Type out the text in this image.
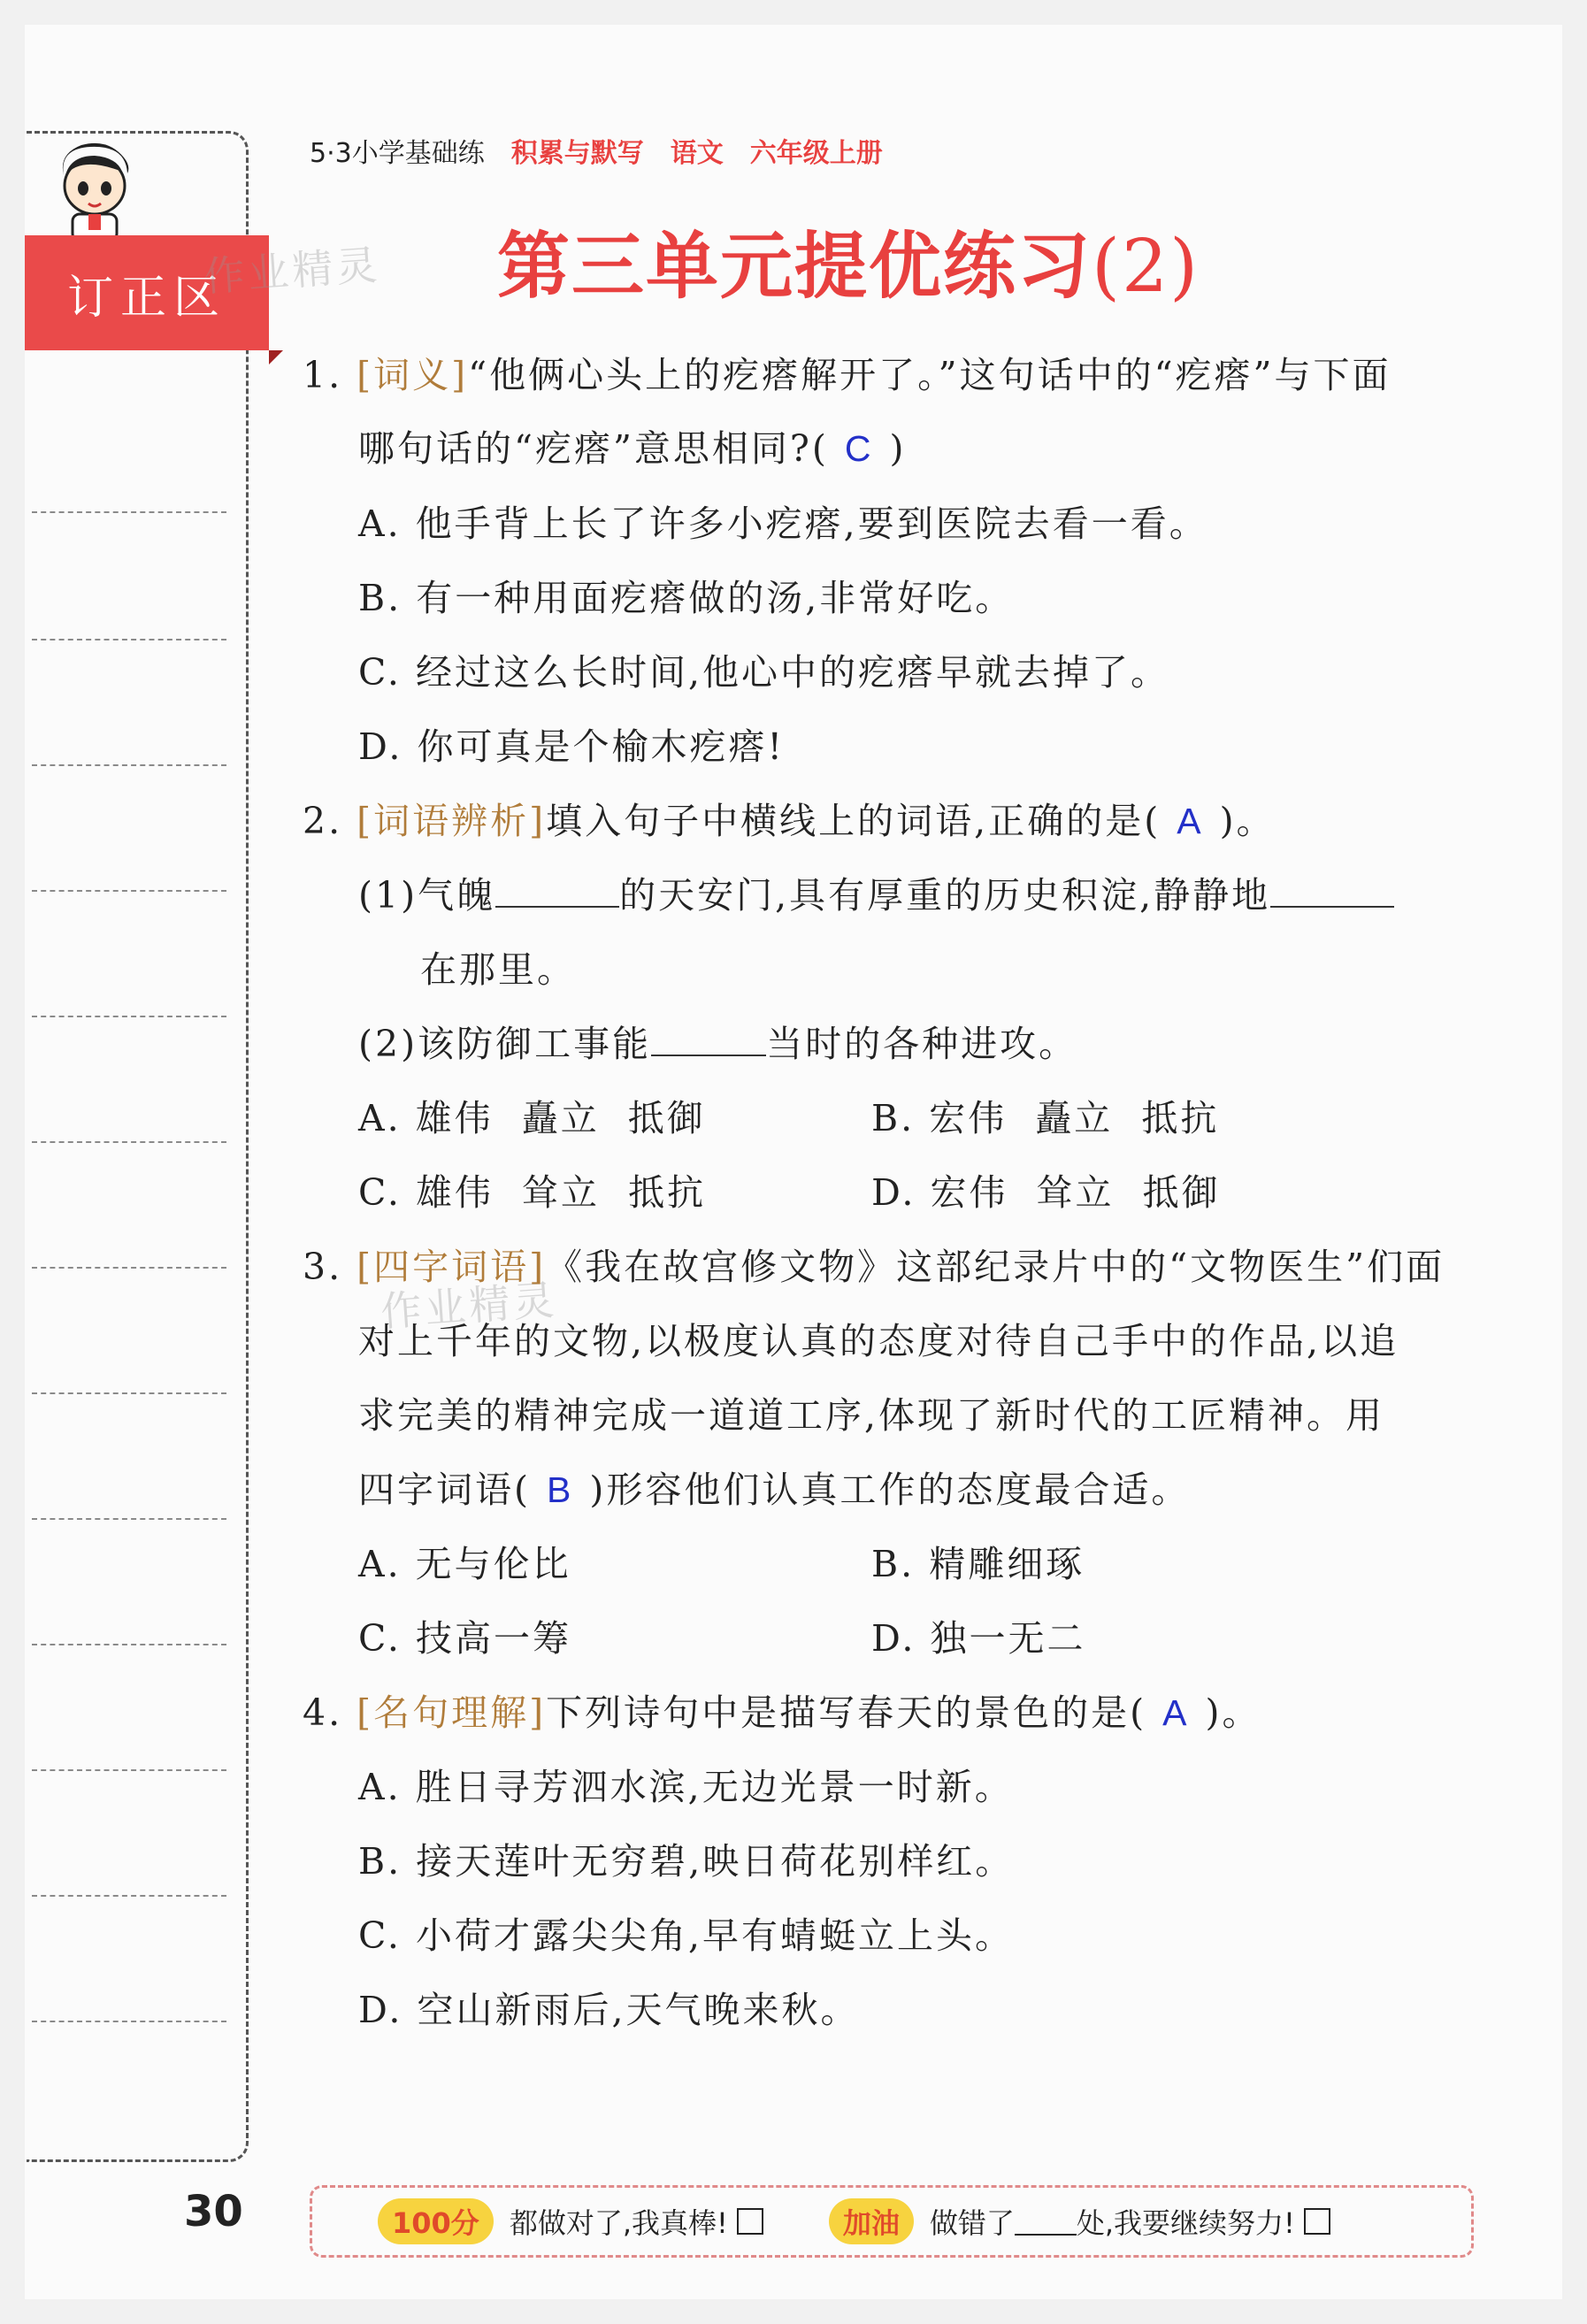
订正区
30
5·3小学基础练 积累与默写 语文 六年级上册
第三单元提优练习(2)
作业精灵
作业精灵
1. [词义]“他俩心头上的疙瘩解开了。”这句话中的“疙瘩”与下面
哪句话的“疙瘩”意思相同?( C )
A. 他手背上长了许多小疙瘩,要到医院去看一看。
B. 有一种用面疙瘩做的汤,非常好吃。
C. 经过这么长时间,他心中的疙瘩早就去掉了。
D. 你可真是个榆木疙瘩!
2. [词语辨析]填入句子中横线上的词语,正确的是( A )。
(1)气魄	的天安门,具有厚重的历史积淀,静静地
在那里。
(2)该防御工事能	当时的各种进攻。
A. 雄伟  矗立  抵御	B. 宏伟  矗立  抵抗
C. 雄伟  耸立  抵抗	D. 宏伟  耸立  抵御
3. [四字词语]《我在故宫修文物》这部纪录片中的“文物医生”们面
对上千年的文物,以极度认真的态度对待自己手中的作品,以追
求完美的精神完成一道道工序,体现了新时代的工匠精神。用
四字词语( B )形容他们认真工作的态度最合适。
A. 无与伦比	B. 精雕细琢
C. 技高一筹	D. 独一无二
4. [名句理解]下列诗句中是描写春天的景色的是( A )。
A. 胜日寻芳泗水滨,无边光景一时新。
B. 接天莲叶无穷碧,映日荷花别样红。
C. 小荷才露尖尖角,早有蜻蜓立上头。
D. 空山新雨后,天气晚来秋。
100分	都做对了,我真棒!	加油	做错了 处,我要继续努力!
